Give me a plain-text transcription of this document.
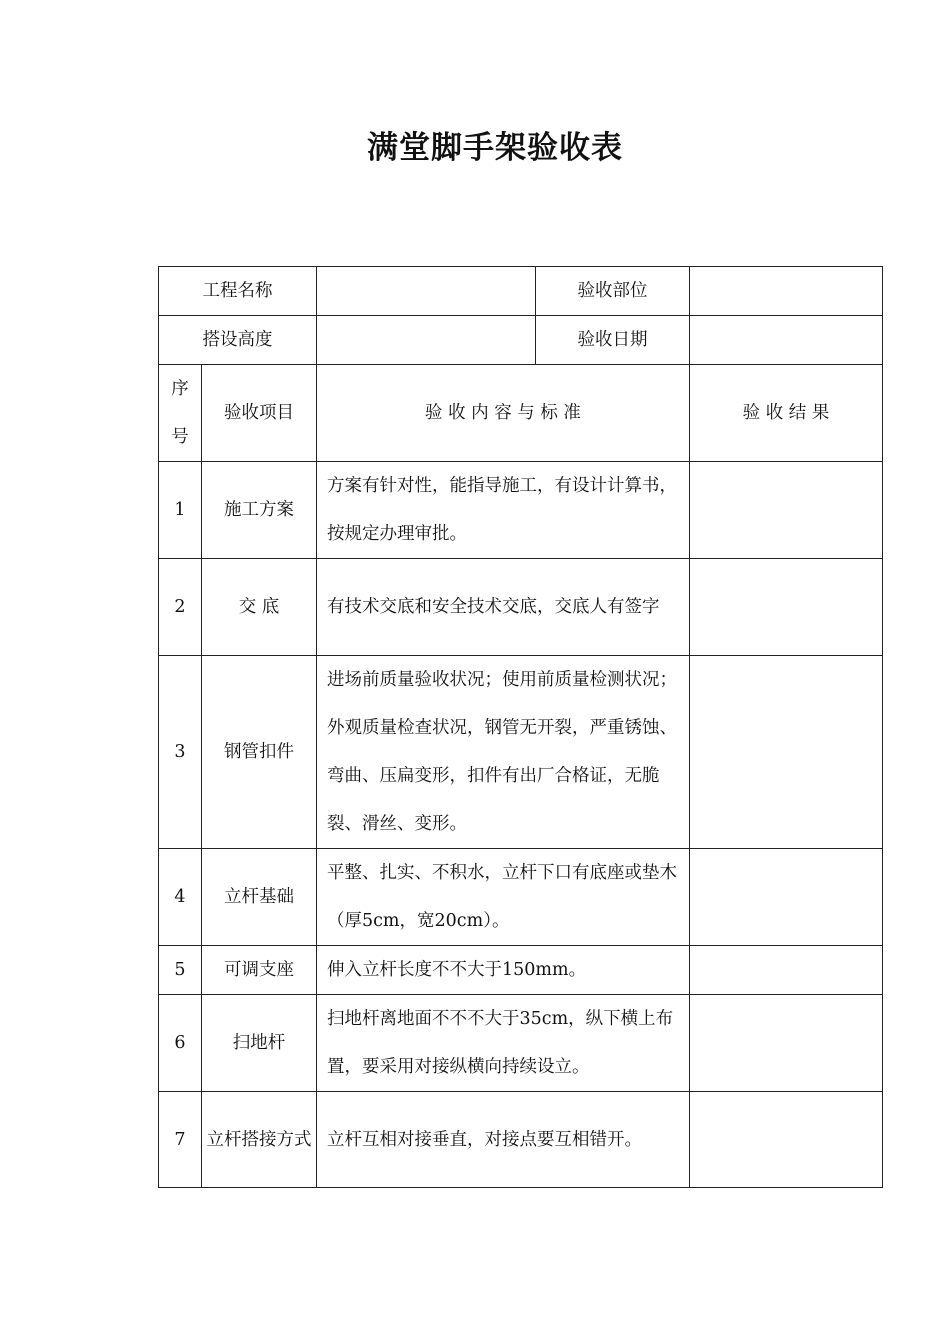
满堂脚手架验收表
工程名称			验收部位	
搭设高度			验收日期	

序号	验收项目	验 收 内 容 与 标 准		验 收 结 果
1	施工方案	方案有针对性，能指导施工，有设计计算书，按规定办理审批。		
2	交 底	有技术交底和安全技术交底，交底人有签字		
3	钢管扣件	进场前质量验收状况；使用前质量检测状况；外观质量检查状况，钢管无开裂，严重锈蚀、弯曲、压扁变形，扣件有出厂合格证，无脆裂、滑丝、变形。		
4	立杆基础	平整、扎实、不积水，立杆下口有底座或垫木（厚5cm，宽20cm）。		
5	可调支座	伸入立杆长度不不大于150mm。		
6	扫地杆	扫地杆离地面不不不大于35cm，纵下横上布置，要采用对接纵横向持续设立。		
7	立杆搭接方式	立杆互相对接垂直，对接点要互相错开。		
